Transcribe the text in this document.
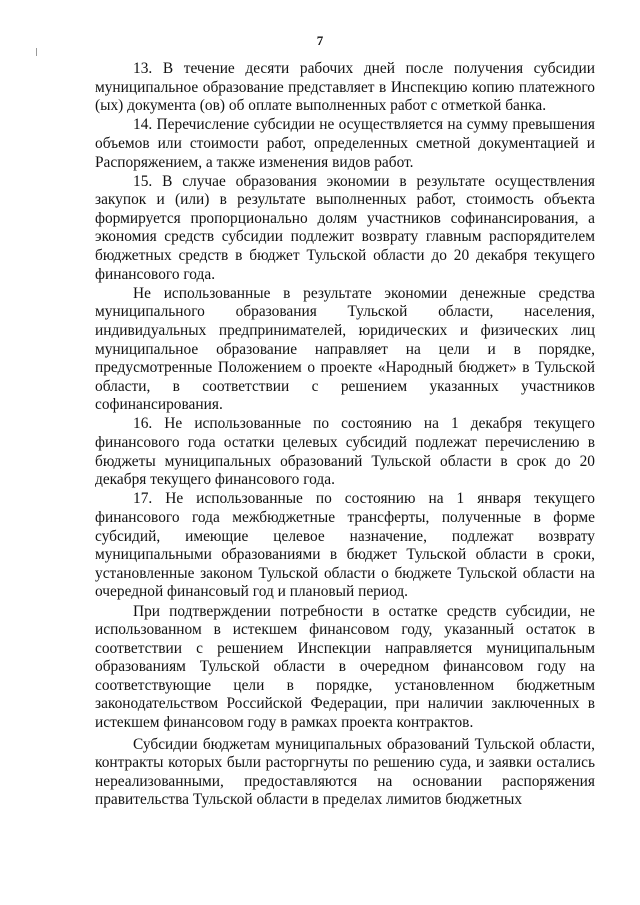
7

13. В течение десяти рабочих дней после получения субсидии муниципальное образование представляет в Инспекцию копию платежного (ых) документа (ов) об оплате выполненных работ с отметкой банка.

14. Перечисление субсидии не осуществляется на сумму превышения объемов или стоимости работ, определенных сметной документацией и Распоряжением, а также изменения видов работ.

15. В случае образования экономии в результате осуществления закупок и (или) в результате выполненных работ, стоимость объекта формируется пропорционально долям участников софинансирования, а экономия средств субсидии подлежит возврату главным распорядителем бюджетных средств в бюджет Тульской области до 20 декабря текущего финансового года.

Не использованные в результате экономии денежные средства муниципального образования Тульской области, населения, индивидуальных предпринимателей, юридических и физических лиц муниципальное образование направляет на цели и в порядке, предусмотренные Положением о проекте «Народный бюджет» в Тульской области, в соответствии с решением указанных участников софинансирования.

16. Не использованные по состоянию на 1 декабря текущего финансового года остатки целевых субсидий подлежат перечислению в бюджеты муниципальных образований Тульской области в срок до 20 декабря текущего финансового года.

17. Не использованные по состоянию на 1 января текущего финансового года межбюджетные трансферты, полученные в форме субсидий, имеющие целевое назначение, подлежат возврату муниципальными образованиями в бюджет Тульской области в сроки, установленные законом Тульской области о бюджете Тульской области на очередной финансовый год и плановый период.

При подтверждении потребности в остатке средств субсидии, не использованном в истекшем финансовом году, указанный остаток в соответствии с решением Инспекции направляется муниципальным образованиям Тульской области в очередном финансовом году на соответствующие цели в порядке, установленном бюджетным законодательством Российской Федерации, при наличии заключенных в истекшем финансовом году в рамках проекта контрактов.

Субсидии бюджетам муниципальных образований Тульской области, контракты которых были расторгнуты по решению суда, и заявки остались нереализованными, предоставляются на основании распоряжения правительства Тульской области в пределах лимитов бюджетных
